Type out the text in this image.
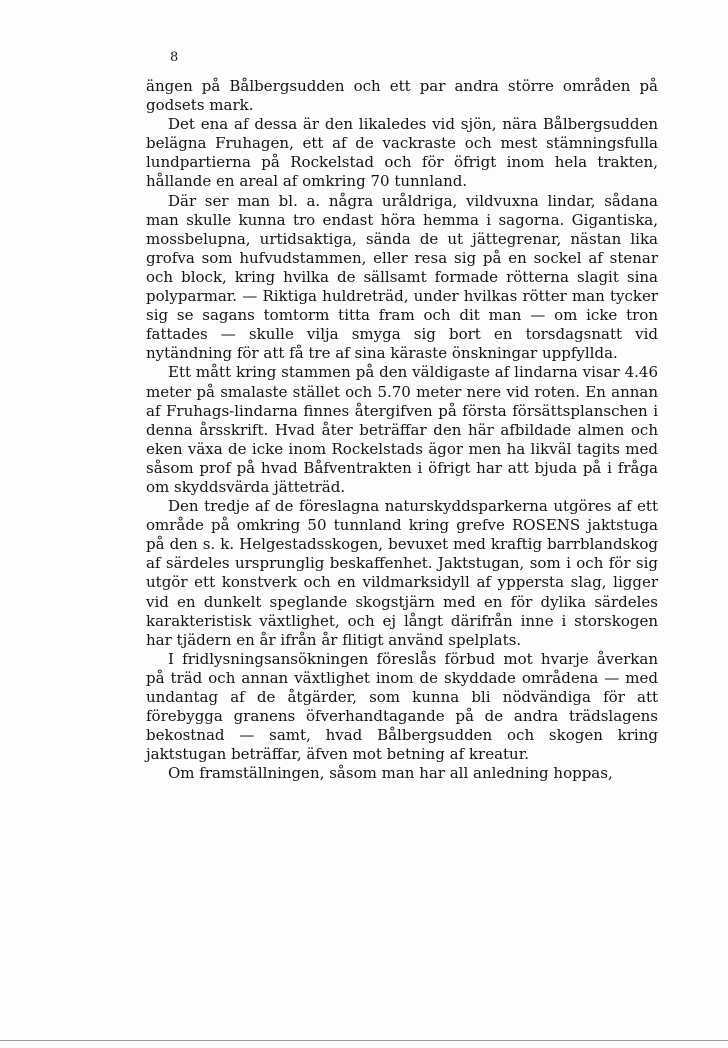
8

ängen på Bålbergsudden och ett par andra större områden på godsets mark.

Det ena af dessa är den likaledes vid sjön, nära Bålbergsudden belägna Fruhagen, ett af de vackraste och mest stämningsfulla lundpartierna på Rockelstad och för öfrigt inom hela trakten, hållande en areal af omkring 70 tunnland.

Där ser man bl. a. några uråldriga, vildvuxna lindar, sådana man skulle kunna tro endast höra hemma i sagorna. Gigantiska, mossbelupna, urtidsaktiga, sända de ut jättegrenar, nästan lika grofva som hufvudstammen, eller resa sig på en sockel af stenar och block, kring hvilka de sällsamt formade rötterna slagit sina polyparmar. — Riktiga huldreträd, under hvilkas rötter man tycker sig se sagans tomtorm titta fram och dit man — om icke tron fattades — skulle vilja smyga sig bort en torsdagsnatt vid nytändning för att få tre af sina käraste önskningar uppfyllda.

Ett mått kring stammen på den väldigaste af lindarna visar 4.46 meter på smalaste stället och 5.70 meter nere vid roten. En annan af Fruhags-lindarna finnes återgifven på första försättsplanschen i denna årsskrift. Hvad åter beträffar den här afbildade almen och eken växa de icke inom Rockelstads ägor men ha likväl tagits med såsom prof på hvad Båfventrakten i öfrigt har att bjuda på i fråga om skyddsvärda jätteträd.

Den tredje af de föreslagna naturskyddsparkerna utgöres af ett område på omkring 50 tunnland kring grefve ROSENS jaktstuga på den s. k. Helgestadsskogen, bevuxet med kraftig barrblandskog af särdeles ursprunglig beskaffenhet. Jaktstugan, som i och för sig utgör ett konstverk och en vildmarksidyll af yppersta slag, ligger vid en dunkelt speglande skogstjärn med en för dylika särdeles karakteristisk växtlighet, och ej långt därifrån inne i storskogen har tjädern en år ifrån år flitigt använd spelplats.

I fridlysningsansökningen föreslås förbud mot hvarje åverkan på träd och annan växtlighet inom de skyddade områdena — med undantag af de åtgärder, som kunna bli nödvändiga för att förebygga granens öfverhandtagande på de andra trädslagens bekostnad — samt, hvad Bålbergsudden och skogen kring jaktstugan beträffar, äfven mot betning af kreatur.

Om framställningen, såsom man har all anledning hoppas,
